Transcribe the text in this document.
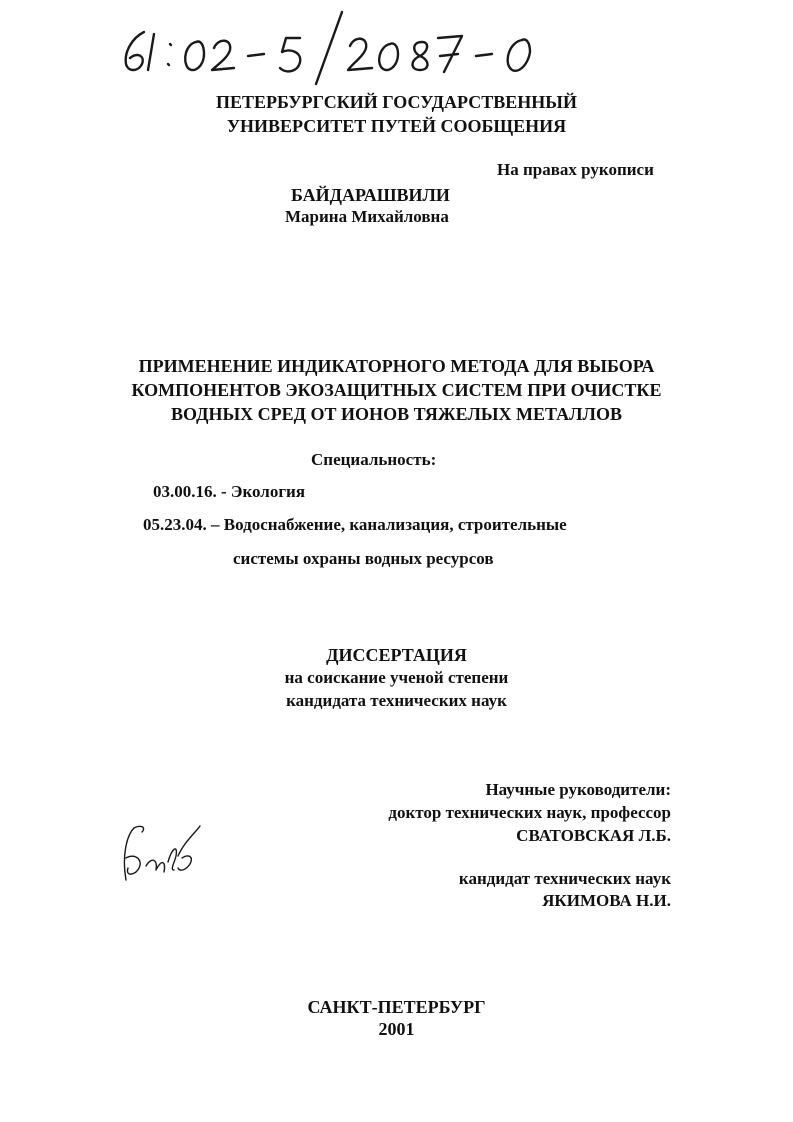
ПЕТЕРБУРГСКИЙ ГОСУДАРСТВЕННЫЙ
УНИВЕРСИТЕТ ПУТЕЙ СООБЩЕНИЯ
На правах рукописи
БАЙДАРАШВИЛИ
Марина Михайловна
ПРИМЕНЕНИЕ ИНДИКАТОРНОГО МЕТОДА ДЛЯ ВЫБОРА
КОМПОНЕНТОВ ЭКОЗАЩИТНЫХ СИСТЕМ ПРИ ОЧИСТКЕ
ВОДНЫХ СРЕД ОТ ИОНОВ ТЯЖЕЛЫХ МЕТАЛЛОВ
Специальность:
03.00.16. - Экология
05.23.04. – Водоснабжение, канализация, строительные
системы охраны водных ресурсов
ДИССЕРТАЦИЯ
на соискание ученой степени
кандидата технических наук
Научные руководители:
доктор технических наук, профессор
СВАТОВСКАЯ Л.Б.
кандидат технических наук
ЯКИМОВА Н.И.
САНКТ-ПЕТЕРБУРГ
2001
